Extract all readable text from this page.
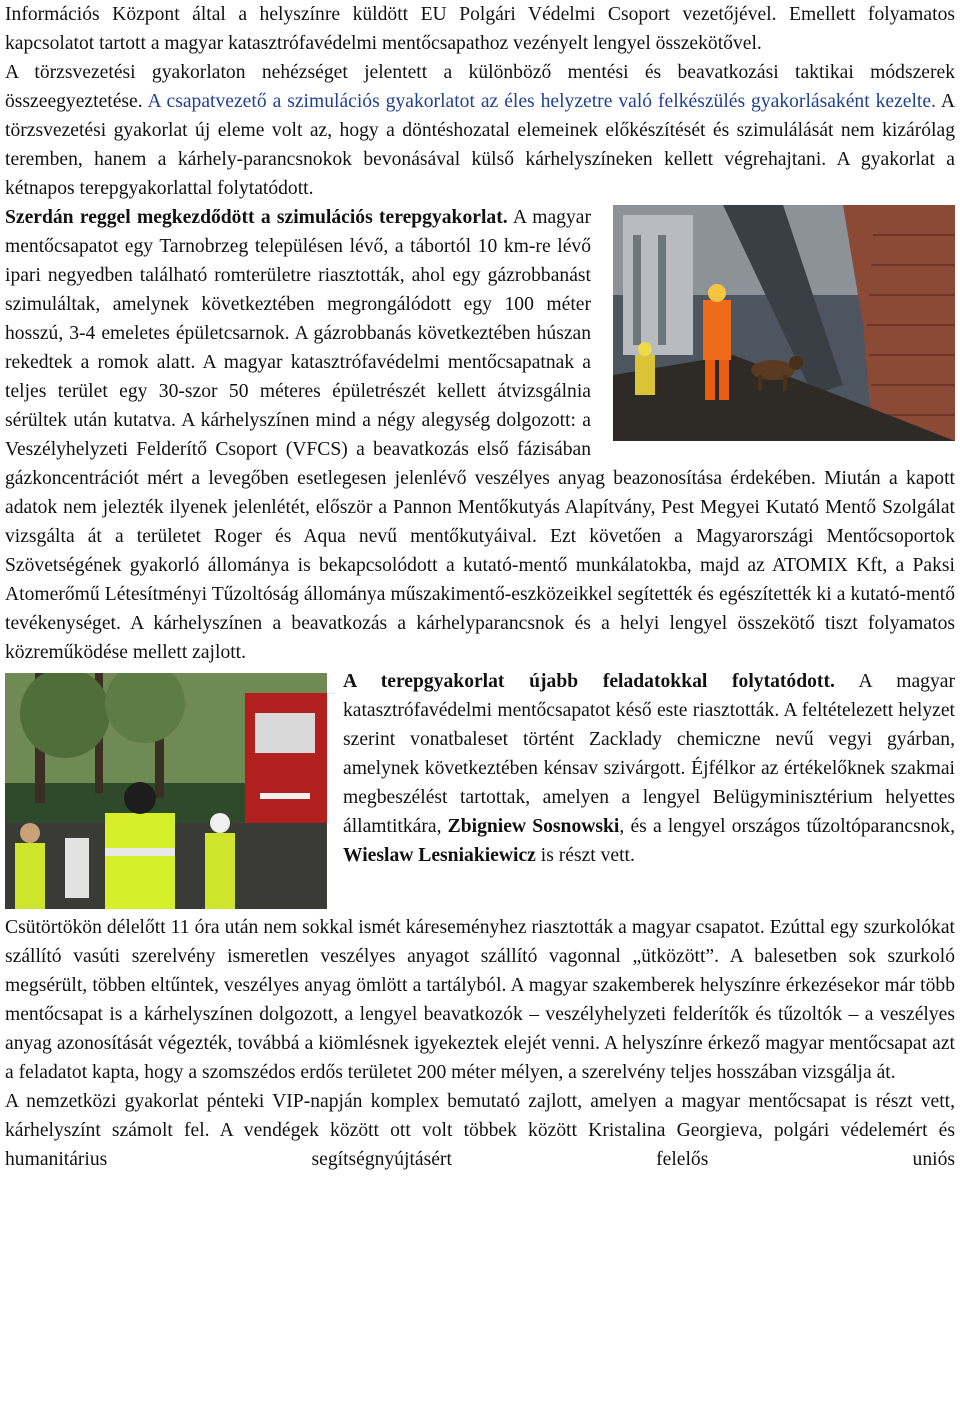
Információs Központ által a helyszínre küldött EU Polgári Védelmi Csoport vezetőjével. Emellett folyamatos kapcsolatot tartott a magyar katasztrófavédelmi mentőcsapathoz vezényelt lengyel összekötővel.

A törzsvezetési gyakorlaton nehézséget jelentett a különböző mentési és beavatkozási taktikai módszerek összeegyeztetése. A csapatvezető a szimulációs gyakorlatot az éles helyzetre való felkészülés gyakorlásaként kezelte. A törzsvezetési gyakorlat új eleme volt az, hogy a döntéshozatal elemeinek előkészítését és szimulálását nem kizárólag teremben, hanem a kárhely-parancsnokok bevonásával külső kárhelyszíneken kellett végrehajtani. A gyakorlat a kétnapos terepgyakorlattal folytatódott.

Szerdán reggel megkezdődött a szimulációs terepgyakorlat. A magyar mentőcsapatot egy Tarnobrzeg településen lévő, a tábortól 10 km-re lévő ipari negyedben található romterületre riasztották, ahol egy gázrobbanást szimuláltak, amelynek következtében megrongálódott egy 100 méter hosszú, 3-4 emeletes épületcsarnok. A gázrobbanás következtében húszan rekedtek a romok alatt. A magyar katasztrófavédelmi mentőcsapatnak a teljes terület egy 30-szor 50 méteres épületrészét kellett átvizsgálnia sérültek után kutatva. A kárhelyszínen mind a négy alegység dolgozott: a Veszélyhelyzeti Felderítő Csoport (VFCS) a beavatkozás első fázisában gázkoncentrációt mért a levegőben esetlegesen jelenlévő veszélyes anyag beazonosítása érdekében. Miután a kapott adatok nem jelezték ilyenek jelenlétét, először a Pannon Mentőkutyás Alapítvány, Pest Megyei Kutató Mentő Szolgálat vizsgálta át a területet Roger és Aqua nevű mentőkutyáival. Ezt követően a Magyarországi Mentőcsoportok Szövetségének gyakorló állománya is bekapcsolódott a kutató-mentő munkálatokba, majd az ATOMIX Kft, a Paksi Atomerőmű Létesítményi Tűzoltóság állománya műszakimentő-eszközeikkel segítették és egészítették ki a kutató-mentő tevékenységet. A kárhelyszínen a beavatkozás a kárhelyparancsnok és a helyi lengyel összekötő tiszt folyamatos közreműködése mellett zajlott.
A terepgyakorlat újabb feladatokkal folytatódott. A magyar katasztrófavédelmi mentőcsapatot késő este riasztották. A feltételezett helyzet szerint vonatbaleset történt Zacklady chemiczne nevű vegyi gyárban, amelynek következtében kénsav szivárgott. Éjfélkor az értékelőknek szakmai megbeszélést tartottak, amelyen a lengyel Belügyminisztérium helyettes államtitkára, Zbigniew Sosnowski, és a lengyel országos tűzoltóparancsnok, Wieslaw Lesniakiewicz is részt vett.

Csütörtökön délelőtt 11 óra után nem sokkal ismét káreseményhez riasztották a magyar csapatot. Ezúttal egy szurkolókat szállító vasúti szerelvény ismeretlen veszélyes anyagot szállító vagonnal „ütközött”. A balesetben sok szurkoló megsérült, többen eltűntek, veszélyes anyag ömlött a tartályból. A magyar szakemberek helyszínre érkezésekor már több mentőcsapat is a kárhelyszínen dolgozott, a lengyel beavatkozók – veszélyhelyzeti felderítők és tűzoltók – a veszélyes anyag azonosítását végezték, továbbá a kiömlésnek igyekeztek elejét venni. A helyszínre érkező magyar mentőcsapat azt a feladatot kapta, hogy a szomszédos erdős területet 200 méter mélyen, a szerelvény teljes hosszában vizsgálja át.

A nemzetközi gyakorlat pénteki VIP-napján komplex bemutató zajlott, amelyen a magyar mentőcsapat is részt vett, kárhelyszínt számolt fel. A vendégek között ott volt többek között Kristalina Georgieva, polgári védelemért és humanitárius segítségnyújtásért felelős uniós
